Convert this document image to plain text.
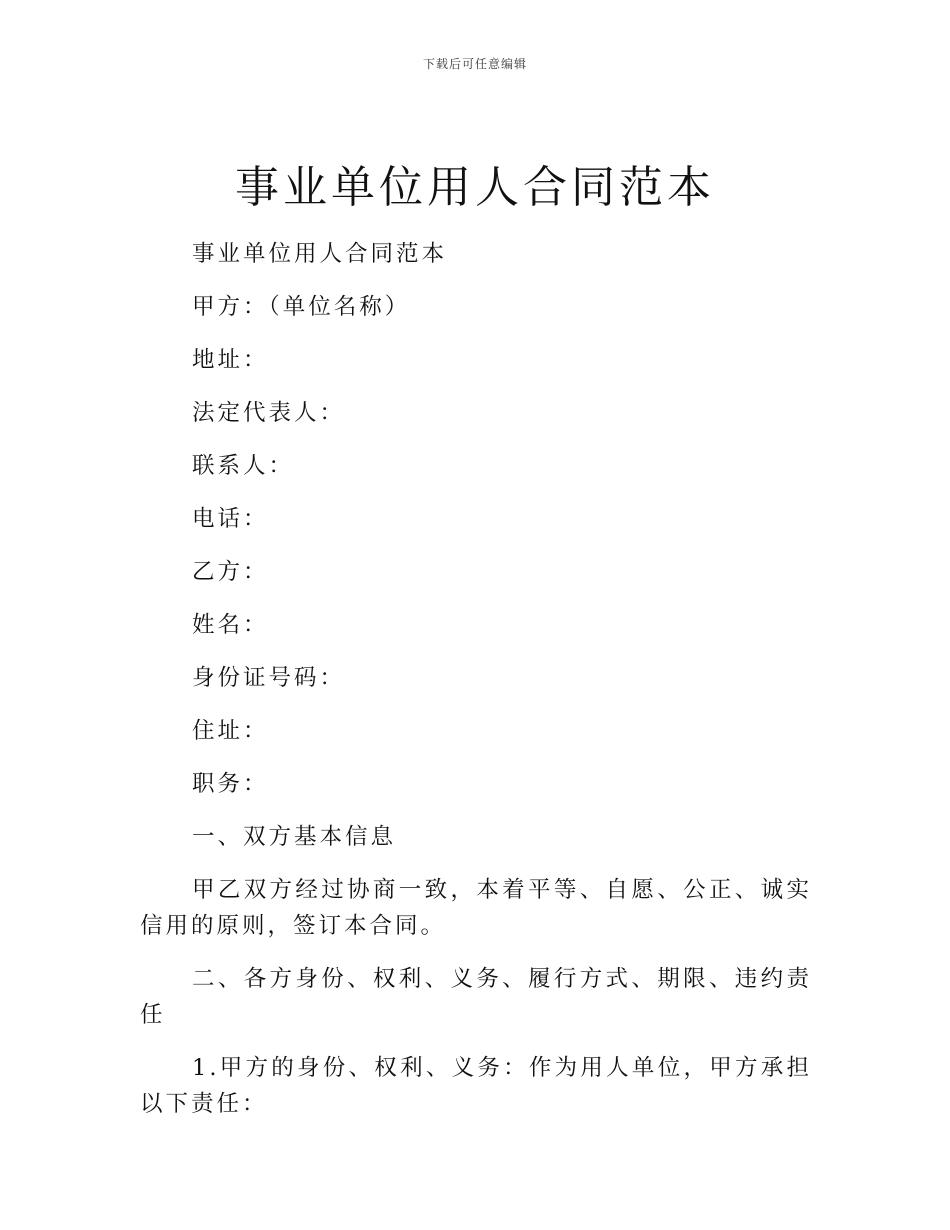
下载后可任意编辑
事业单位用人合同范本

事业单位用人合同范本

甲方：（单位名称）

地址：

法定代表人：

联系人：

电话：

乙方：

姓名：

身份证号码：

住址：

职务：

一、双方基本信息

甲乙双方经过协商一致，本着平等、自愿、公正、诚实信用的原则，签订本合同。

二、各方身份、权利、义务、履行方式、期限、违约责任

1.甲方的身份、权利、义务：作为用人单位，甲方承担以下责任：
